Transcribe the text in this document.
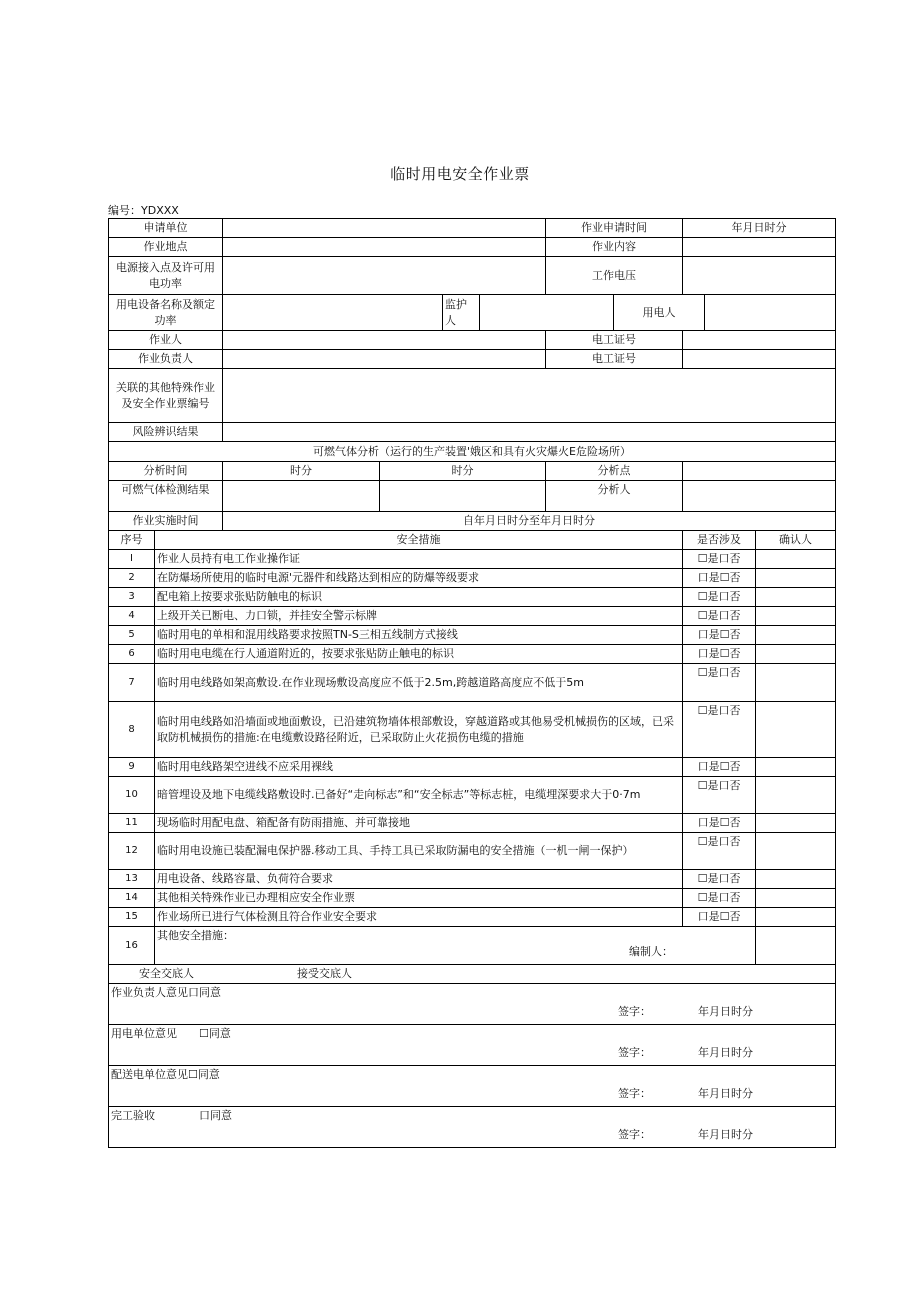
临时用电安全作业票
编号：YDXXX
申请单位						作业申请时间		年月日时分		
作业地点						作业内容				
电源接入点及许可用电功率						工作电压				
用电设备名称及额定功率				监护人			用电人			
作业人						电工证号				
作业负责人						电工证号				
关联的其他特殊作业及安全作业票编号										
风险辨识结果										
可燃气体分析（运行的生产装置'娥区和具有火灾爆火E危险场所）										
分析时间		时分	时分			分析点				
可燃气体检测结果						分析人				
作业实施时间		自年月日时分至年月日时分								
序号	安全措施							是否涉及		确认人
I	作业人员持有电工作业操作证							☐是口否		
2	在防爆场所使用的临时电源'元器件和线路达到相应的防爆等级要求							口是☐否		
3	配电箱上按要求张贴防触电的标识							☐是口否		
4	上级开关已断电、力口锁，并挂安全警示标牌							☐是口否		
5	临时用电的单相和混用线路要求按照TN-S三相五线制方式接线							口是☐否		
6	临时用电电缆在行人通道附近的，按要求张贴防止触电的标识							口是☐否		
7	临时用电线路如架高敷设.在作业现场敷设高度应不低于2.5m,跨越道路高度应不低于5m							☐是口否		
8	临时用电线路如沿墙面或地面敷设，已沿建筑物墙体根部敷设，穿越道路或其他易受机械损伤的区域，已采取防机械损伤的措施:在电缆敷设路径附近，已采取防止火花损伤电缆的措施							☐是口否		
9	临时用电线路架空进线不应采用裸线							口是☐否		
10	暗管埋设及地下电缆线路敷设时.已备好“走向标志”和“安全标志”等标志桩，电缆埋深要求大于0·7m							☐是口否		
11	现场临时用配电盘、箱配备有防雨措施、并可靠接地							口是☐否		
12	临时用电设施已装配漏电保护器.移动工具、手持工具已采取防漏电的安全措施（一机一闸一保护）							☐是口否		
13	用电设备、线路容量、负荷符合要求							☐是口否		
14	其他相关特殊作业已办理相应安全作业票							☐是口否		
15	作业场所已进行气体检测且符合作业安全要求							口是☐否		
16	其他安全措施：
编制人：									

安全交底人 接受交底人										

作业负责人意见口同意
签字： 年月日时分										

用电单位意见　　☐同意
签字： 年月日时分										

配送电单位意见☐同意
签字： 年月日时分										

完工验收　　　　口同意
签字： 年月日时分										
